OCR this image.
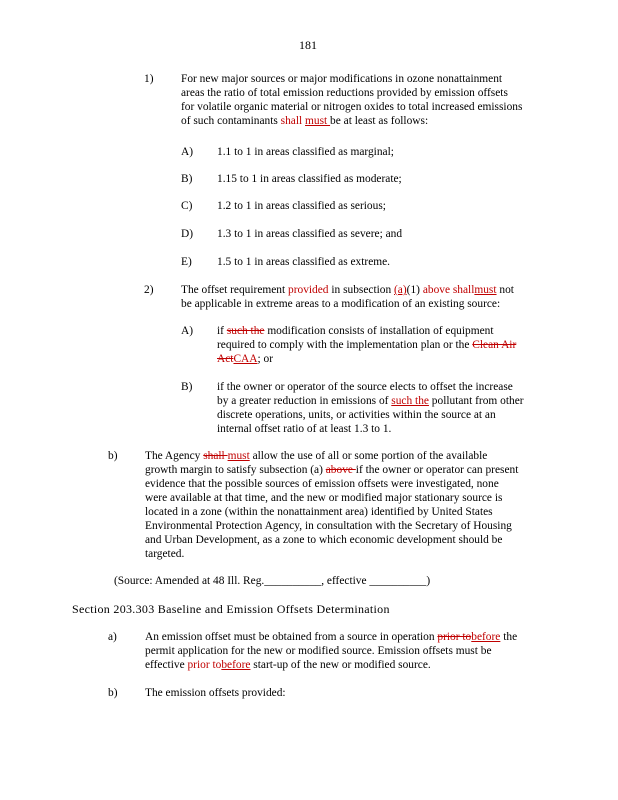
181
1) For new major sources or major modifications in ozone nonattainment
areas the ratio of total emission reductions provided by emission offsets
for volatile organic material or nitrogen oxides to total increased emissions
of such contaminants shall must be at least as follows:
A) 1.1 to 1 in areas classified as marginal;
B) 1.15 to 1 in areas classified as moderate;
C) 1.2 to 1 in areas classified as serious;
D) 1.3 to 1 in areas classified as severe; and
E) 1.5 to 1 in areas classified as extreme.
2) The offset requirement provided in subsection (a)(1) above shallmust not
be applicable in extreme areas to a modification of an existing source:
A) if such the modification consists of installation of equipment
required to comply with the implementation plan or the Clean Air
ActCAA; or
B) if the owner or operator of the source elects to offset the increase
by a greater reduction in emissions of such the pollutant from other
discrete operations, units, or activities within the source at an
internal offset ratio of at least 1.3 to 1.
b) The Agency shall must allow the use of all or some portion of the available
growth margin to satisfy subsection (a) above if the owner or operator can present
evidence that the possible sources of emission offsets were investigated, none
were available at that time, and the new or modified major stationary source is
located in a zone (within the nonattainment area) identified by United States
Environmental Protection Agency, in consultation with the Secretary of Housing
and Urban Development, as a zone to which economic development should be
targeted.
(Source: Amended at 48 Ill. Reg.__________, effective __________)
Section 203.303 Baseline and Emission Offsets Determination
a) An emission offset must be obtained from a source in operation prior tobefore the
permit application for the new or modified source. Emission offsets must be
effective prior tobefore start-up of the new or modified source.
b) The emission offsets provided:
